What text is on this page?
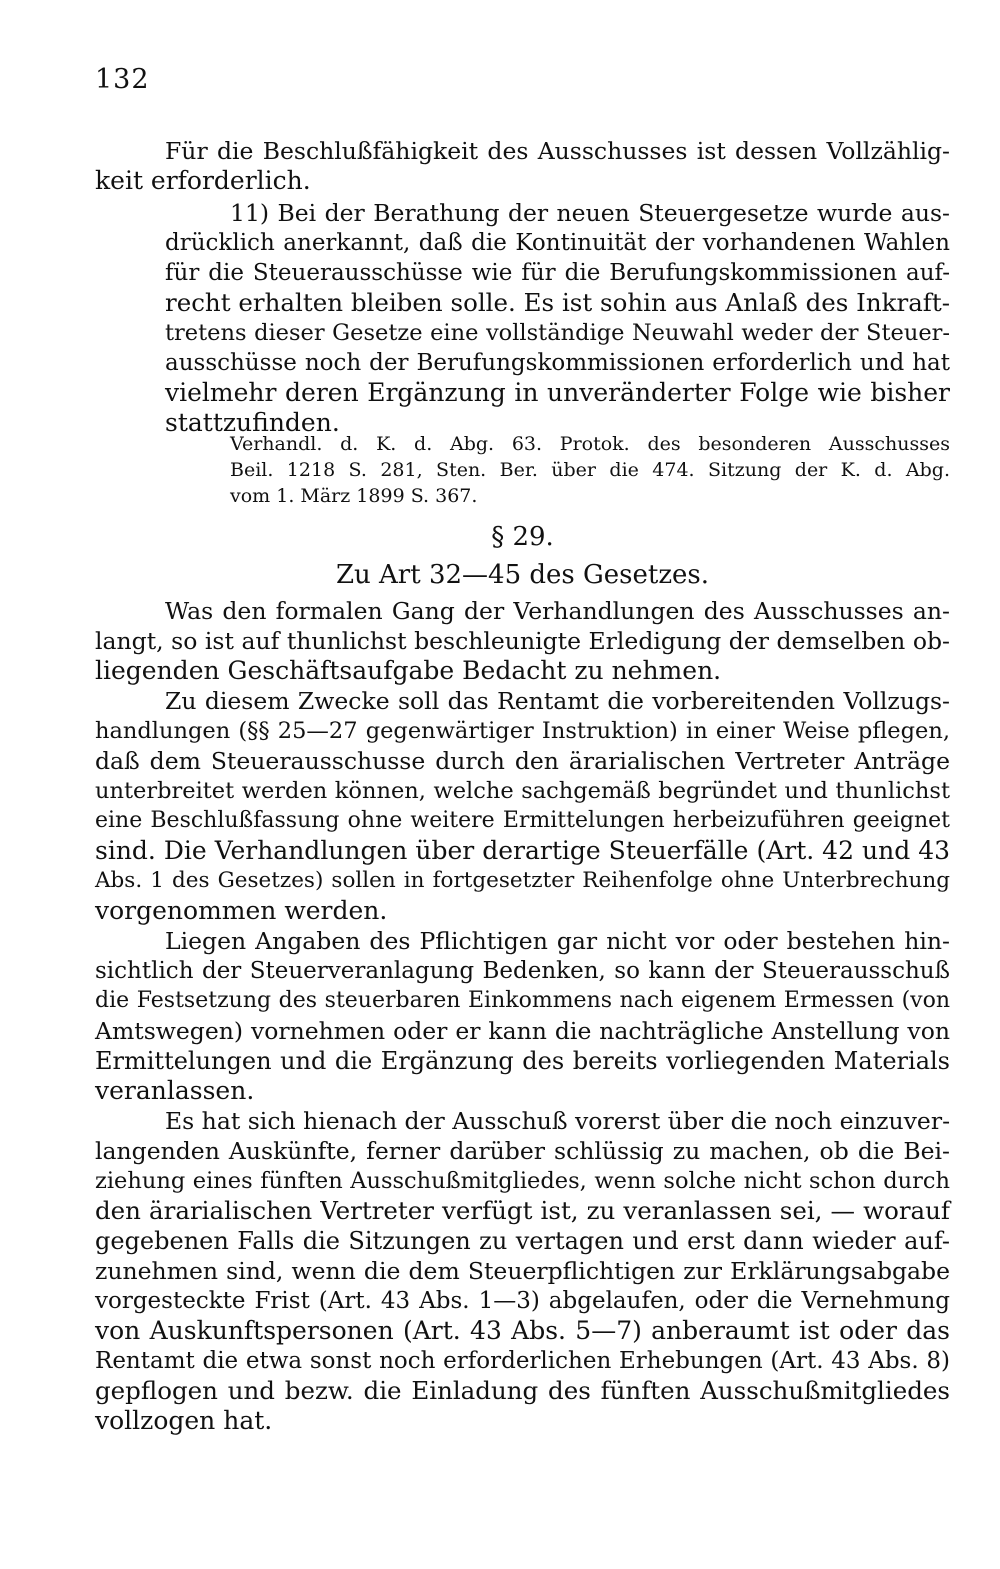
132
Für die Beschlußfähigkeit des Ausschusses ist dessen Vollzählig-
keit erforderlich.
11) Bei der Berathung der neuen Steuergesetze wurde aus-
drücklich anerkannt, daß die Kontinuität der vorhandenen Wahlen
für die Steuerausschüsse wie für die Berufungskommissionen auf-
recht erhalten bleiben solle. Es ist sohin aus Anlaß des Inkraft-
tretens dieser Gesetze eine vollständige Neuwahl weder der Steuer-
ausschüsse noch der Berufungskommissionen erforderlich und hat
vielmehr deren Ergänzung in unveränderter Folge wie bisher
stattzufinden.
Verhandl. d. K. d. Abg. 63. Protok. des besonderen Ausschusses
Beil. 1218 S. 281, Sten. Ber. über die 474. Sitzung der K. d. Abg.
vom 1. März 1899 S. 367.
§ 29.
Zu Art 32—45 des Gesetzes.
Was den formalen Gang der Verhandlungen des Ausschusses an-
langt, so ist auf thunlichst beschleunigte Erledigung der demselben ob-
liegenden Geschäftsaufgabe Bedacht zu nehmen.
Zu diesem Zwecke soll das Rentamt die vorbereitenden Vollzugs-
handlungen (§§ 25—27 gegenwärtiger Instruktion) in einer Weise pflegen,
daß dem Steuerausschusse durch den ärarialischen Vertreter Anträge
unterbreitet werden können, welche sachgemäß begründet und thunlichst
eine Beschlußfassung ohne weitere Ermittelungen herbeizuführen geeignet
sind. Die Verhandlungen über derartige Steuerfälle (Art. 42 und 43
Abs. 1 des Gesetzes) sollen in fortgesetzter Reihenfolge ohne Unterbrechung
vorgenommen werden.
Liegen Angaben des Pflichtigen gar nicht vor oder bestehen hin-
sichtlich der Steuerveranlagung Bedenken, so kann der Steuerausschuß
die Festsetzung des steuerbaren Einkommens nach eigenem Ermessen (von
Amtswegen) vornehmen oder er kann die nachträgliche Anstellung von
Ermittelungen und die Ergänzung des bereits vorliegenden Materials
veranlassen.
Es hat sich hienach der Ausschuß vorerst über die noch einzuver-
langenden Auskünfte, ferner darüber schlüssig zu machen, ob die Bei-
ziehung eines fünften Ausschußmitgliedes, wenn solche nicht schon durch
den ärarialischen Vertreter verfügt ist, zu veranlassen sei, — worauf
gegebenen Falls die Sitzungen zu vertagen und erst dann wieder auf-
zunehmen sind, wenn die dem Steuerpflichtigen zur Erklärungsabgabe
vorgesteckte Frist (Art. 43 Abs. 1—3) abgelaufen, oder die Vernehmung
von Auskunftspersonen (Art. 43 Abs. 5—7) anberaumt ist oder das
Rentamt die etwa sonst noch erforderlichen Erhebungen (Art. 43 Abs. 8)
gepflogen und bezw. die Einladung des fünften Ausschußmitgliedes
vollzogen hat.
